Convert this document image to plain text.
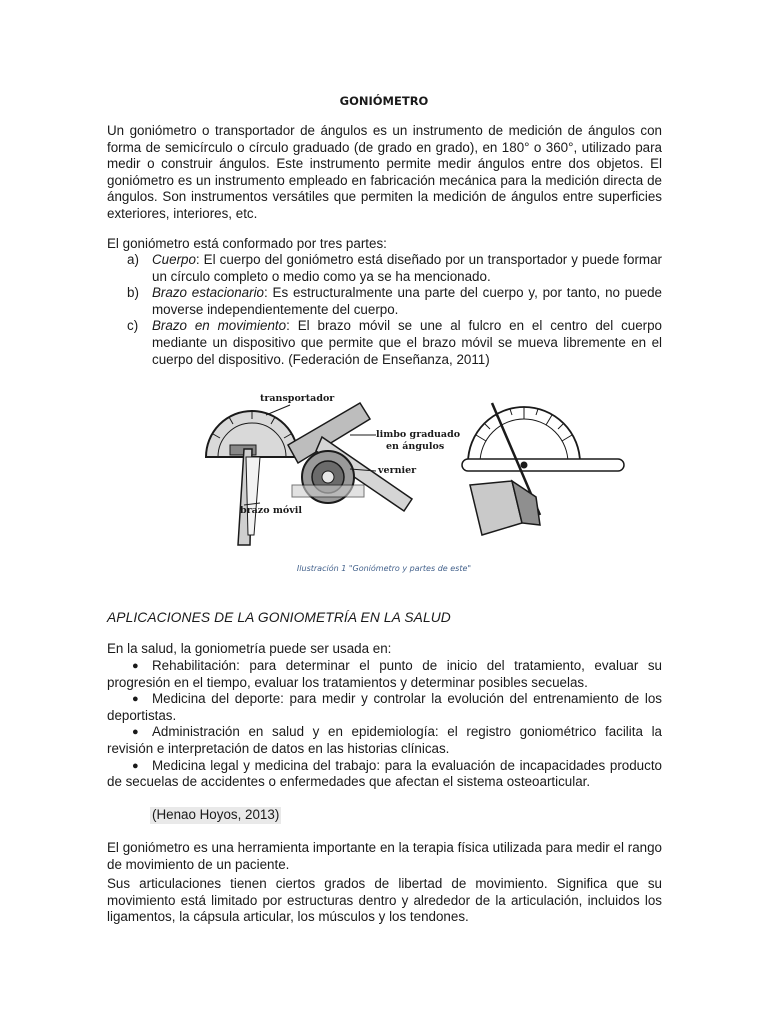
GONIÓMETRO
Un goniómetro o transportador de ángulos es un instrumento de medición de ángulos con forma de semicírculo o círculo graduado (de grado en grado), en 180° o 360°, utilizado para medir o construir ángulos. Este instrumento permite medir ángulos entre dos objetos. El goniómetro es un instrumento empleado en fabricación mecánica para la medición directa de ángulos. Son instrumentos versátiles que permiten la medición de ángulos entre superficies exteriores, interiores, etc.
El goniómetro está conformado por tres partes:
a) Cuerpo: El cuerpo del goniómetro está diseñado por un transportador y puede formar un círculo completo o medio como ya se ha mencionado.
b) Brazo estacionario: Es estructuralmente una parte del cuerpo y, por tanto, no puede moverse independientemente del cuerpo.
c) Brazo en movimiento: El brazo móvil se une al fulcro en el centro del cuerpo mediante un dispositivo que permite que el brazo móvil se mueva libremente en el cuerpo del dispositivo. (Federación de Enseñanza, 2011)
transportador
brazo móvil
limbo graduado
en ángulos
vernier
Ilustración 1 "Goniómetro y partes de este"
APLICACIONES DE LA GONIOMETRÍA EN LA SALUD
En la salud, la goniometría puede ser usada en:
● Rehabilitación: para determinar el punto de inicio del tratamiento, evaluar su progresión en el tiempo, evaluar los tratamientos y determinar posibles secuelas.
● Medicina del deporte: para medir y controlar la evolución del entrenamiento de los deportistas.
● Administración en salud y en epidemiología: el registro goniométrico facilita la revisión e interpretación de datos en las historias clínicas.
● Medicina legal y medicina del trabajo: para la evaluación de incapacidades producto de secuelas de accidentes o enfermedades que afectan el sistema osteoarticular.
(Henao Hoyos, 2013)
El goniómetro es una herramienta importante en la terapia física utilizada para medir el rango de movimiento de un paciente.
Sus articulaciones tienen ciertos grados de libertad de movimiento. Significa que su movimiento está limitado por estructuras dentro y alrededor de la articulación, incluidos los ligamentos, la cápsula articular, los músculos y los tendones.
